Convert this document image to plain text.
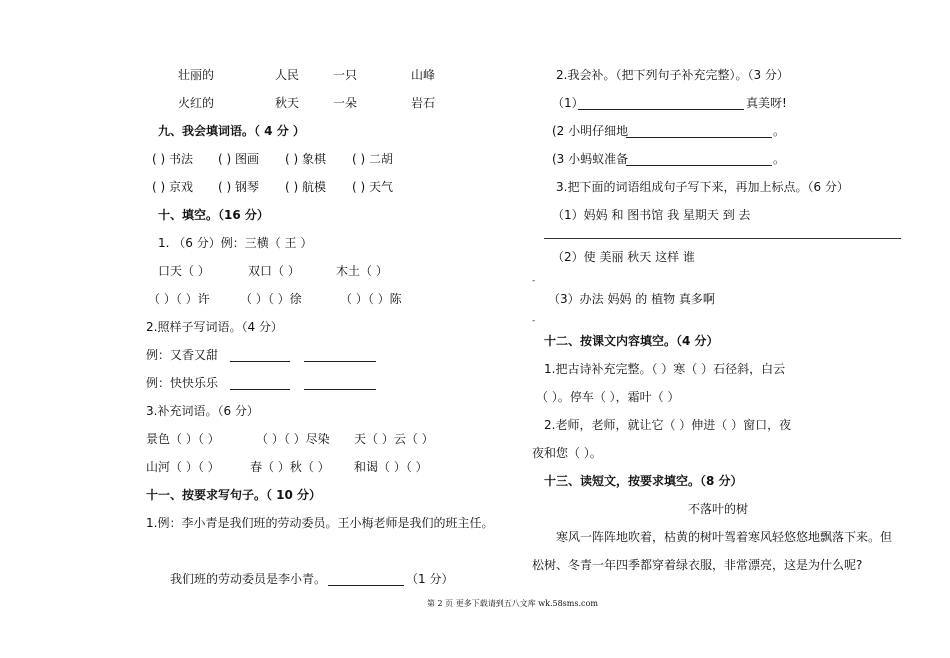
壮丽的	人民	一只	山峰
火红的	秋天	一朵	岩石
九、我会填词语。（ 4 分 ）
( ) 书法 ( ) 图画 ( ) 象棋 ( ) 二胡
( ) 京戏 ( ) 钢琴 ( ) 航模 ( ) 天气
十、填空。（16 分）
1. （6 分）例：三横（ 王 ）
口天（ ）	双口（ ）	木土（ ）
（ ）（ ）许	（ ）（ ）徐	（ ）（ ）陈
2.照样子写词语。（4 分）
例：又香又甜
例：快快乐乐
3.补充词语。（6 分）
景色（ ）（ ）	（ ）（ ）尽染 天（ ）云（ ）
山河（ ）（ ）	春（ ）秋（ ） 和谒（ ）（ ）
十一、按要求写句子。（ 10 分）
1.例：李小青是我们班的劳动委员。王小梅老师是我们的班主任。
我们班的劳动委员是李小青。	（1 分）
2.我会补。（把下列句子补充完整）。（3 分）
（1）	真美呀!
(2 小明仔细地	。
(3 小蚂蚁准备	。
3.把下面的词语组成句子写下来，再加上标点。（6 分）
（1）妈妈 和 图书馆 我 星期天 到 去
（2）使 美丽 秋天 这样 谁
-
（3）办法 妈妈 的 植物 真多啊
-
十二、按课文内容填空。（4 分）
1.把古诗补充完整。（ ）寒（ ）石径斜，白云
（ ）。停车（ ），霜叶（ ）
2.老师，老师，就让它（ ）伸进（ ）窗口，夜
夜和您（ ）。
十三、读短文，按要求填空。（8 分）
不落叶的树
寒风一阵阵地吹着，枯黄的树叶驾着寒风轻悠悠地飘落下来。但
松树、冬青一年四季都穿着绿衣服，非常漂亮，这是为什么呢?
第 2 页 更多下载请到五八文库 wk.58sms.com
